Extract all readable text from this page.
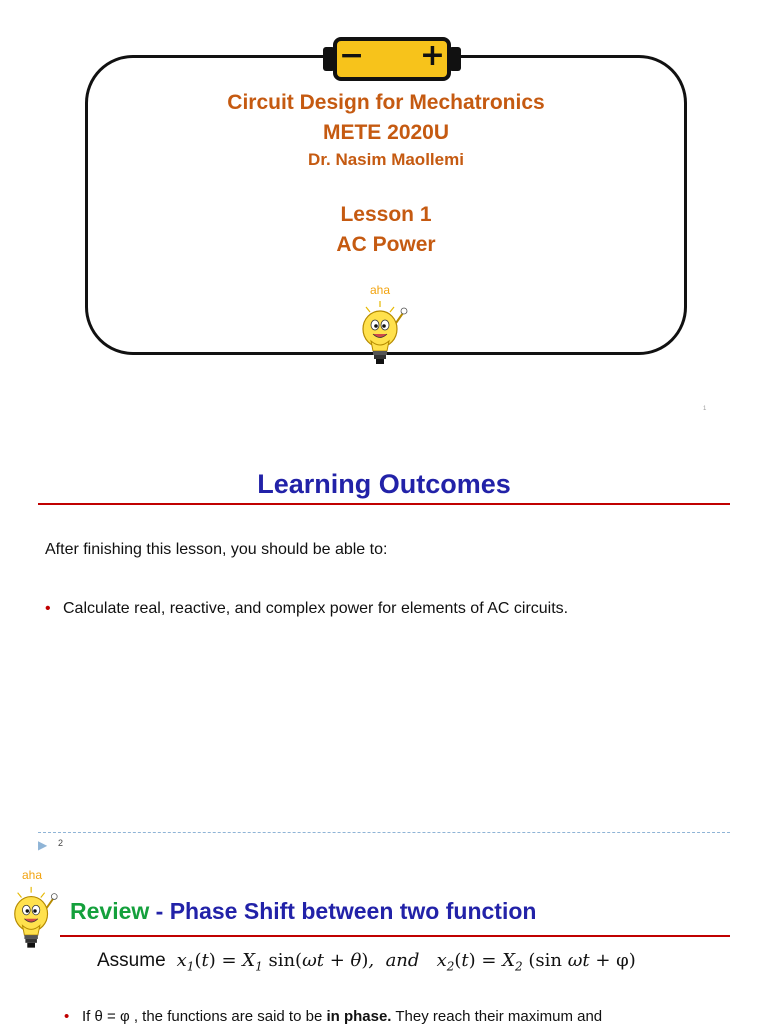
− +
Circuit Design for Mechatronics
METE 2020U
Dr. Nasim Maollemi
Lesson 1
AC Power
aha
1
Learning Outcomes
After finishing this lesson, you should be able to:
• Calculate real, reactive, and complex power for elements of AC circuits.
▶ 2
aha
Review - Phase Shift between two function
Assume  $x_1(t) = X_1$ sin(ωt + θ),  and   $x_2(t) = X_2$ (sin ωt + φ)
• If θ = φ , the functions are said to be in phase. They reach their maximum and
